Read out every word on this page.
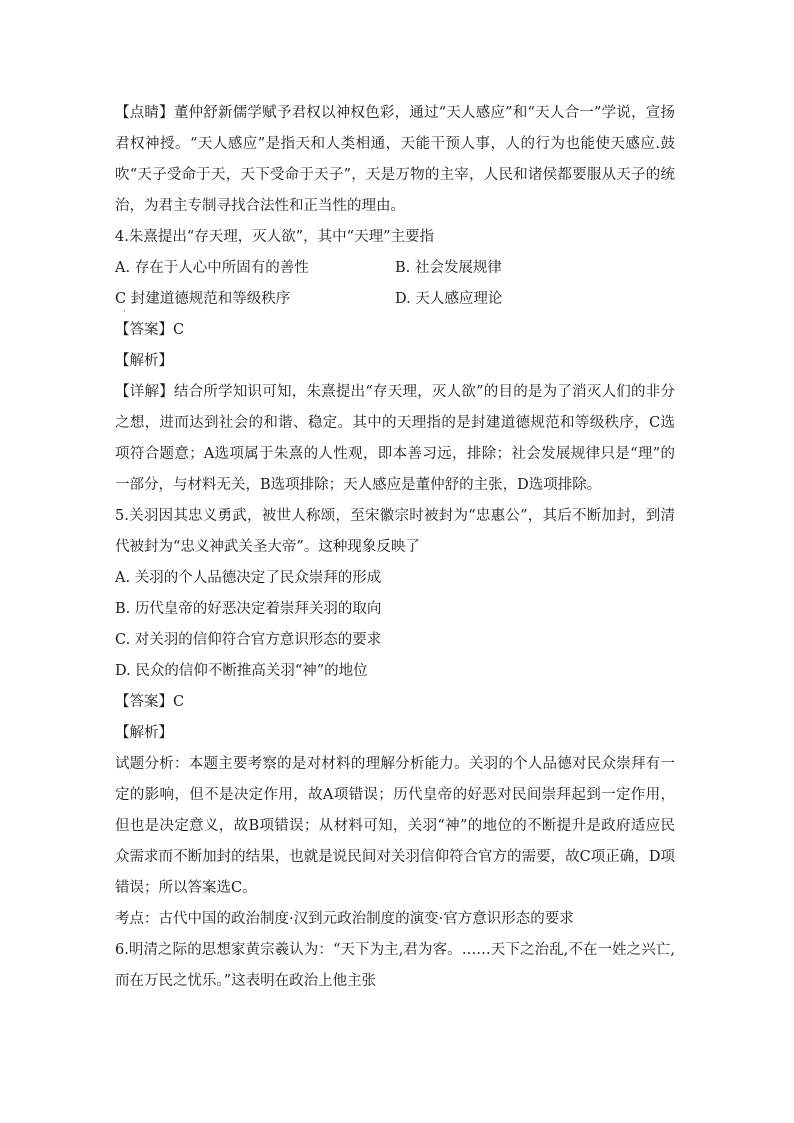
【点睛】董仲舒新儒学赋予君权以神权色彩，通过“天人感应”和“天人合一”学说，宣扬君权神授。“天人感应”是指天和人类相通，天能干预人事，人的行为也能使天感应.鼓吹“天子受命于天，天下受命于天子”，天是万物的主宰，人民和诸侯都要服从天子的统治，为君主专制寻找合法性和正当性的理由。

4.朱熹提出“存天理，灭人欲”，其中“天理”主要指

A. 存在于人心中所固有的善性	B. 社会发展规律

C 封建道德规范和等级秩序	D. 天人感应理论

【答案】C

【解析】

【详解】结合所学知识可知，朱熹提出“存天理，灭人欲”的目的是为了消灭人们的非分之想，进而达到社会的和谐、稳定。其中的天理指的是封建道德规范和等级秩序，C选项符合题意；A选项属于朱熹的人性观，即本善习远，排除；社会发展规律只是“理”的一部分，与材料无关，B选项排除；天人感应是董仲舒的主张，D选项排除。

5.关羽因其忠义勇武，被世人称颂，至宋徽宗时被封为“忠惠公”，其后不断加封，到清代被封为“忠义神武关圣大帝”。这种现象反映了

A. 关羽的个人品德决定了民众崇拜的形成

B. 历代皇帝的好恶决定着崇拜关羽的取向

C. 对关羽的信仰符合官方意识形态的要求

D. 民众的信仰不断推高关羽“神”的地位

【答案】C

【解析】

试题分析：本题主要考察的是对材料的理解分析能力。关羽的个人品德对民众崇拜有一定的影响，但不是决定作用，故A项错误；历代皇帝的好恶对民间崇拜起到一定作用，但也是决定意义，故B项错误；从材料可知，关羽“神”的地位的不断提升是政府适应民众需求而不断加封的结果，也就是说民间对关羽信仰符合官方的需要，故C项正确，D项错误；所以答案选C。

考点：古代中国的政治制度·汉到元政治制度的演变·官方意识形态的要求

6.明清之际的思想家黄宗羲认为：“天下为主,君为客。……天下之治乱,不在一姓之兴亡,而在万民之忧乐。”这表明在政治上他主张

·
